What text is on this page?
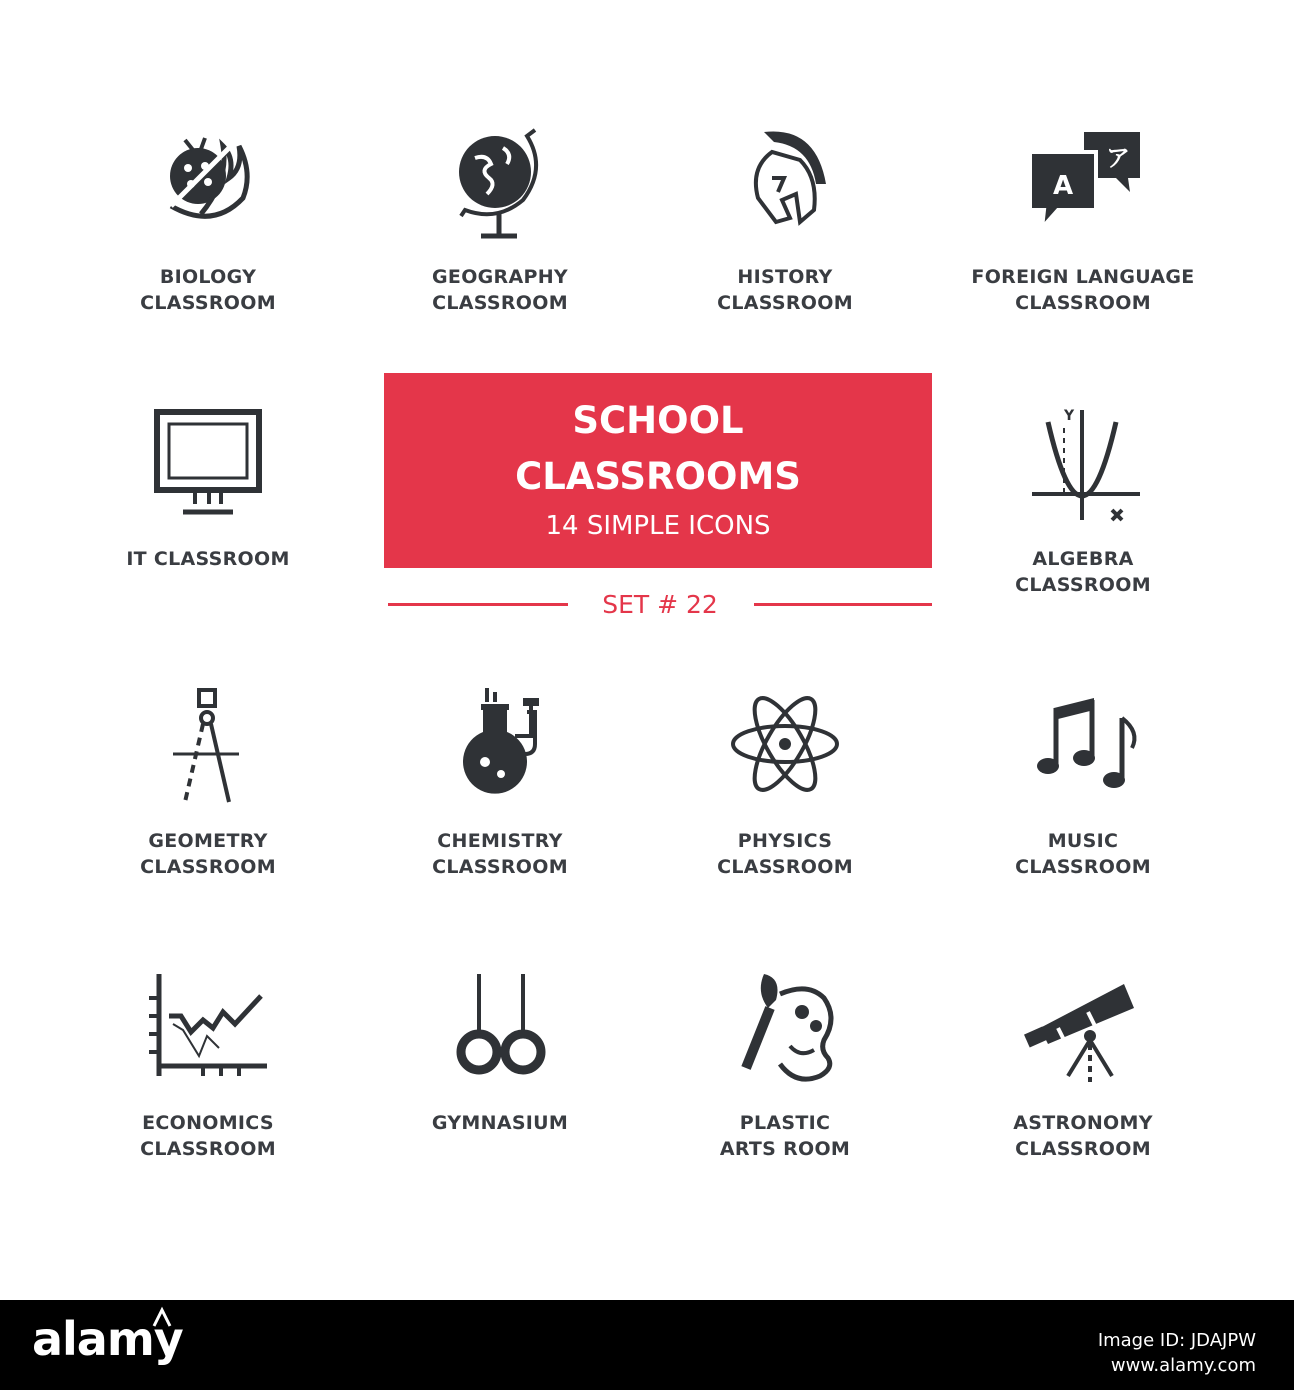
BIOLOGY
CLASSROOM
GEOGRAPHY
CLASSROOM
HISTORY
CLASSROOM
A
ア
FOREIGN LANGUAGE
CLASSROOM
IT CLASSROOM
SCHOOL
CLASSROOMS
14 SIMPLE ICONS
SET # 22
Y
ALGEBRA
CLASSROOM
GEOMETRY
CLASSROOM
CHEMISTRY
CLASSROOM
PHYSICS
CLASSROOM
MUSIC
CLASSROOM
ECONOMICS
CLASSROOM
GYMNASIUM	PLASTIC
ARTS ROOM
ASTRONOMY
CLASSROOM
alamy	Image ID: JDAJPW
www.alamy.com
